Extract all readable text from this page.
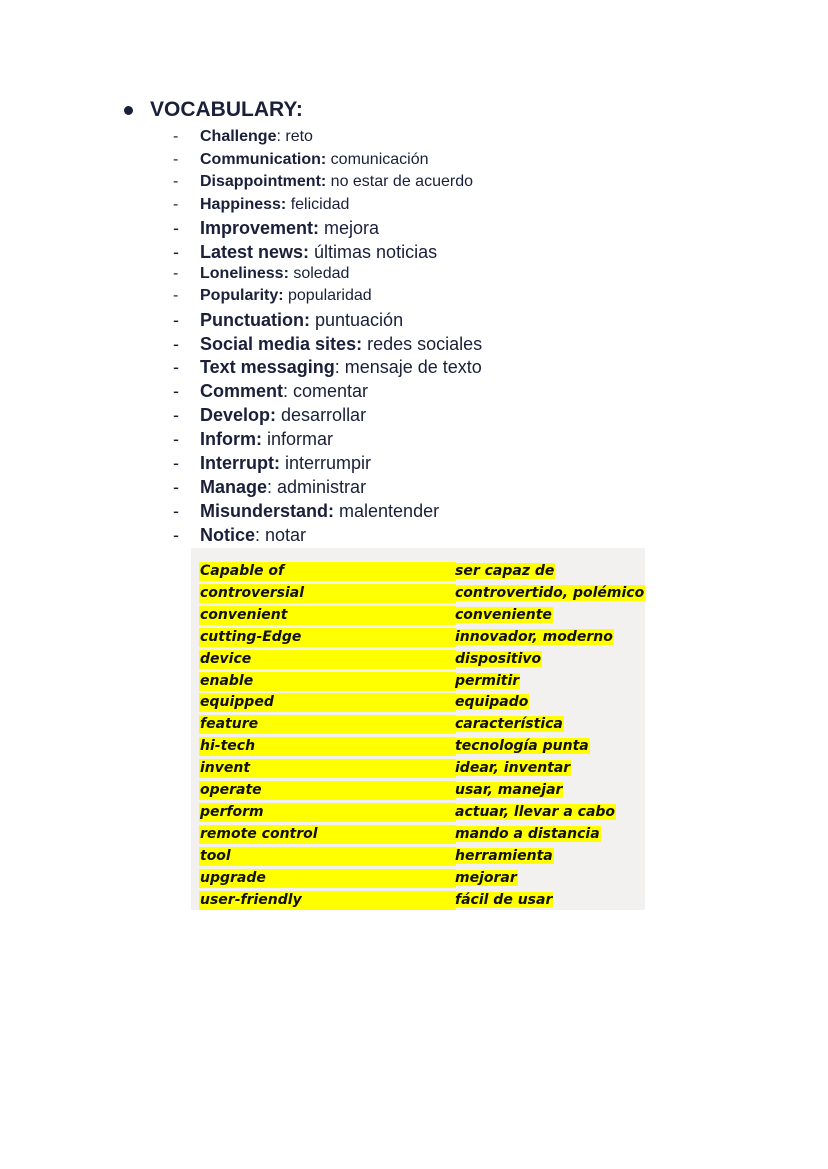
VOCABULARY:
- Challenge: reto
- Communication: comunicación
- Disappointment: no estar de acuerdo
- Happiness: felicidad
- Improvement: mejora
- Latest news: últimas noticias
- Loneliness: soledad
- Popularity: popularidad
- Punctuation: puntuación
- Social media sites: redes sociales
- Text messaging: mensaje de texto
- Comment: comentar
- Develop: desarrollar
- Inform: informar
- Interrupt: interrumpir
- Manage: administrar
- Misunderstand: malentender
- Notice: notar
Capable of	ser capaz de
controversial	controvertido, polémico
convenient	conveniente
cutting-Edge	innovador, moderno
device	dispositivo
enable	permitir
equipped	equipado
feature	característica
hi-tech	tecnología punta
invent	idear, inventar
operate	usar, manejar
perform	actuar, llevar a cabo
remote control	mando a distancia
tool	herramienta
upgrade	mejorar
user-friendly	fácil de usar
